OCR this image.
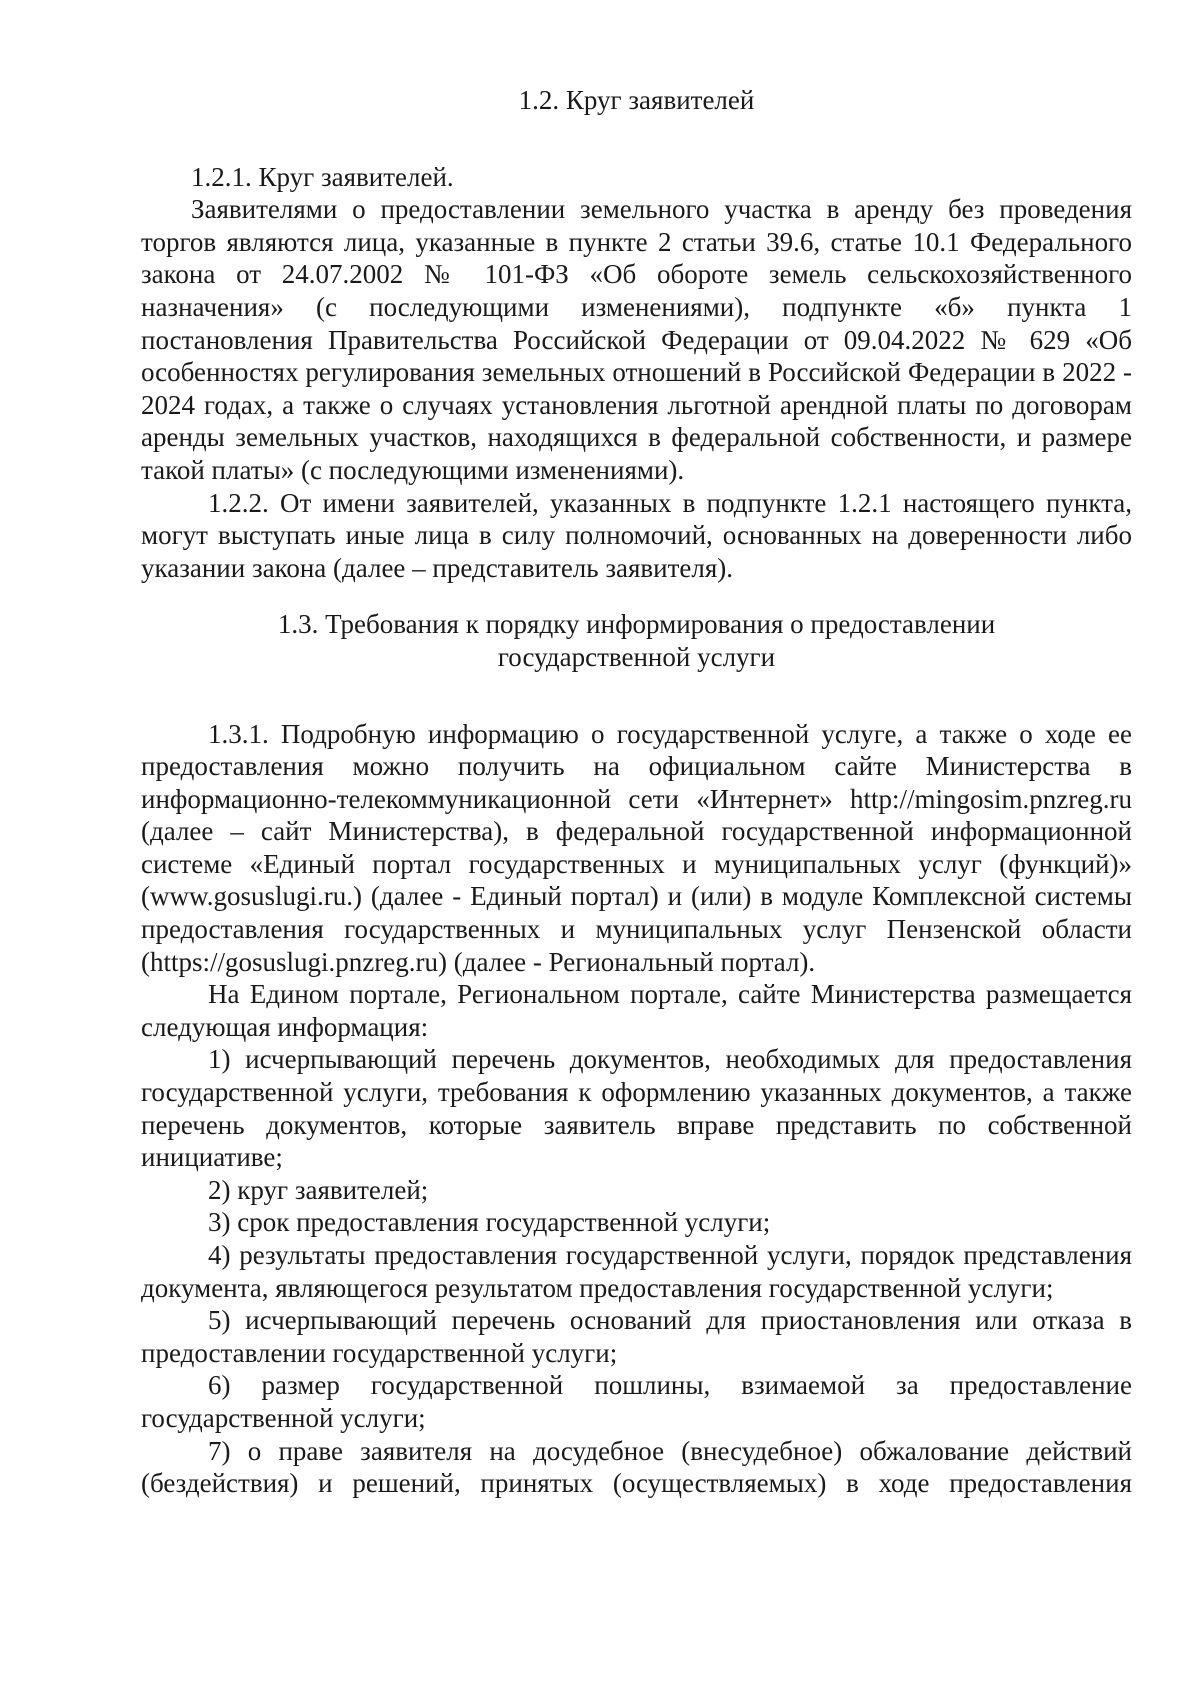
1.2. Круг заявителей

1.2.1. Круг заявителей.

Заявителями о предоставлении земельного участка в аренду без проведения торгов являются лица, указанные в пункте 2 статьи 39.6, статье 10.1 Федерального закона от 24.07.2002 № 101-ФЗ «Об обороте земель сельскохозяйственного назначения» (с последующими изменениями), подпункте «б» пункта 1 постановления Правительства Российской Федерации от 09.04.2022 № 629 «Об особенностях регулирования земельных отношений в Российской Федерации в 2022 - 2024 годах, а также о случаях установления льготной арендной платы по договорам аренды земельных участков, находящихся в федеральной собственности, и размере такой платы» (с последующими изменениями).

1.2.2. От имени заявителей, указанных в подпункте 1.2.1 настоящего пункта, могут выступать иные лица в силу полномочий, основанных на доверенности либо указании закона (далее – представитель заявителя).

1.3. Требования к порядку информирования о предоставлении
государственной услуги

1.3.1. Подробную информацию о государственной услуге, а также о ходе ее предоставления можно получить на официальном сайте Министерства в информационно-телекоммуникационной сети «Интернет» http://mingosim.pnzreg.ru (далее – сайт Министерства), в федеральной государственной информационной системе «Единый портал государственных и муниципальных услуг (функций)» (www.gosuslugi.ru.) (далее - Единый портал) и (или) в модуле Комплексной системы предоставления государственных и муниципальных услуг Пензенской области (https://gosuslugi.pnzreg.ru) (далее - Региональный портал).

На Едином портале, Региональном портале, сайте Министерства размещается следующая информация:

1) исчерпывающий перечень документов, необходимых для предоставления государственной услуги, требования к оформлению указанных документов, а также перечень документов, которые заявитель вправе представить по собственной инициативе;

2) круг заявителей;

3) срок предоставления государственной услуги;

4) результаты предоставления государственной услуги, порядок представления документа, являющегося результатом предоставления государственной услуги;

5) исчерпывающий перечень оснований для приостановления или отказа в предоставлении государственной услуги;

6) размер государственной пошлины, взимаемой за предоставление государственной услуги;

7) о праве заявителя на досудебное (внесудебное) обжалование действий (бездействия) и решений, принятых (осуществляемых) в ходе предоставления
